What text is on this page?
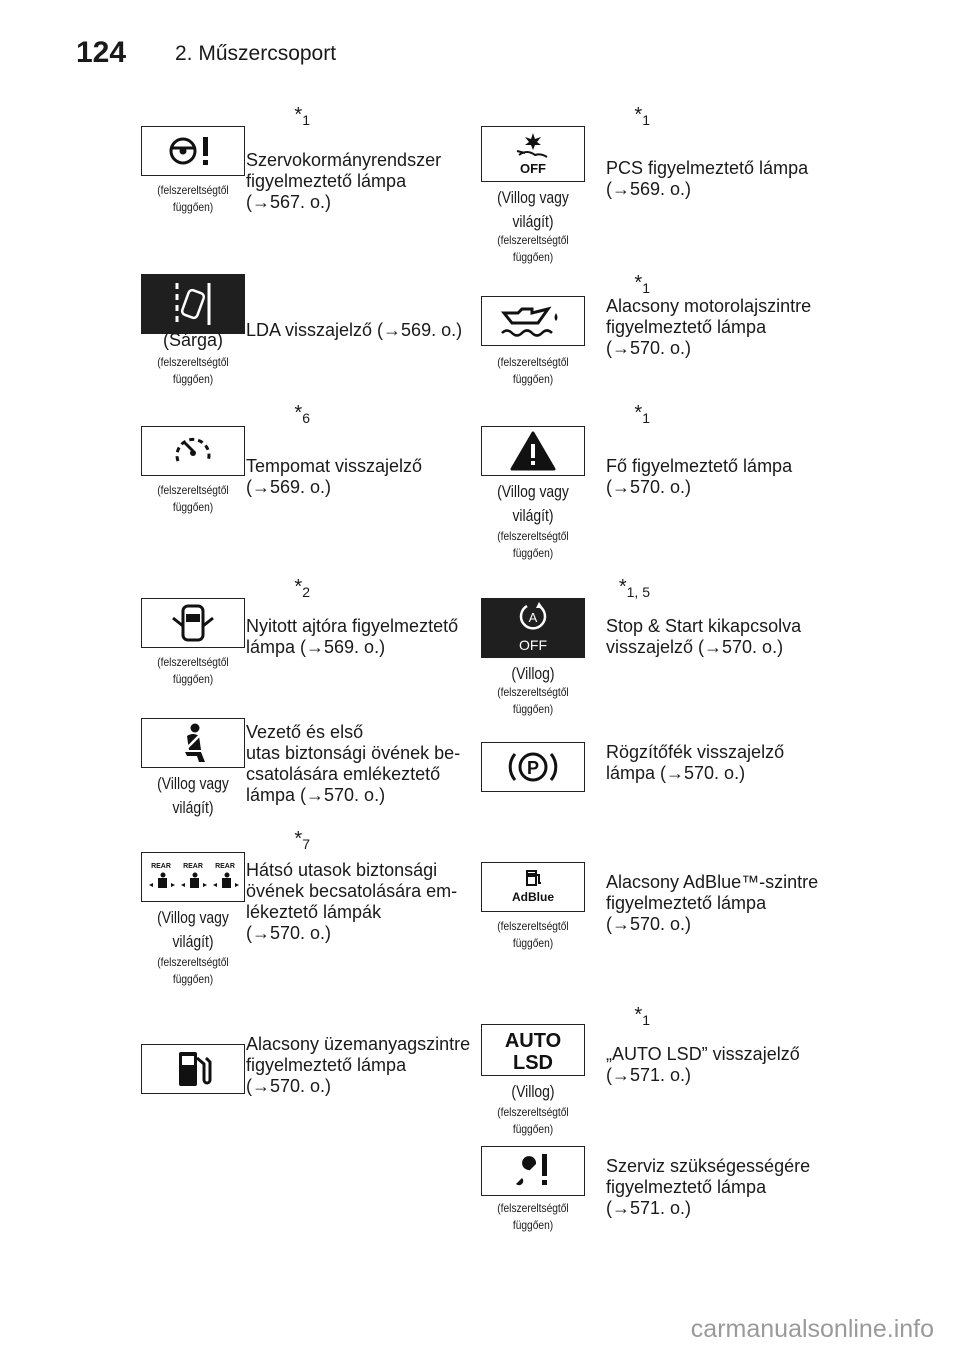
124 2. Műszercsoport
$*_1$
(felszereltségtől
függően)
Szervokormányrendszer
figyelmeztető lámpa
(→567. o.)
$*_1$
OFF
(Villog vagy
világít)
(felszereltségtől
függően)
PCS figyelmeztető lámpa
(→569. o.)
(Sárga)
(felszereltségtől
függően)
LDA visszajelző (→569. o.)
$*_1$
(felszereltségtől
függően)
Alacsony motorolajszintre
figyelmeztető lámpa
(→570. o.)
$*_6$
(felszereltségtől
függően)
Tempomat visszajelző
(→569. o.)
$*_1$
(Villog vagy
világít)
(felszereltségtől
függően)
Fő figyelmeztető lámpa
(→570. o.)
$*_2$
(felszereltségtől
függően)
Nyitott ajtóra figyelmeztető
lámpa (→569. o.)
$*_{1, 5}$
A
OFF
(Villog)
(felszereltségtől
függően)
Stop & Start kikapcsolva
visszajelző (→570. o.)
(Villog vagy
világít)
Vezető és első
utas biztonsági övének be-
csatolására emlékeztető
lámpa (→570. o.)
P
Rögzítőfék visszajelző
lámpa (→570. o.)
$*_7$
REAR REAR REAR
(Villog vagy
világít)
(felszereltségtől
függően)
Hátsó utasok biztonsági
övének becsatolására em-
lékeztető lámpák
(→570. o.)
AdBlue
(felszereltségtől
függően)
Alacsony AdBlue™-szintre
figyelmeztető lámpa
(→570. o.)
Alacsony üzemanyagszintre
figyelmeztető lámpa
(→570. o.)
$*_1$
AUTO
LSD
(Villog)
(felszereltségtől
függően)
„AUTO LSD” visszajelző
(→571. o.)
(felszereltségtől
függően)
Szerviz szükségességére
figyelmeztető lámpa
(→571. o.)
carmanualsonline.info
